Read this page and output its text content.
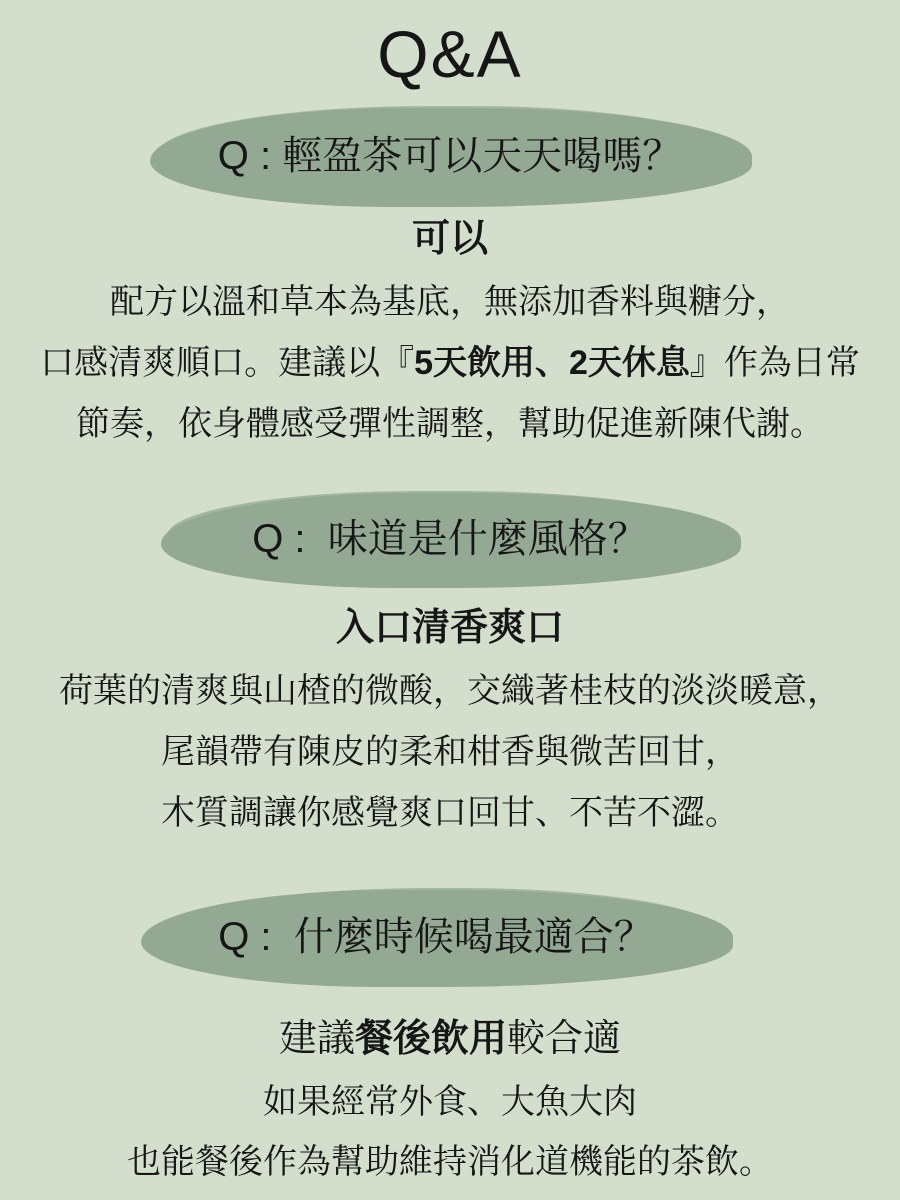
Q&A
Q : 輕盈茶可以天天喝嗎？
可以
配方以溫和草本為基底，無添加香料與糖分，
口感清爽順口。建議以『5天飲用、2天休息』作為日常
節奏，依身體感受彈性調整，幫助促進新陳代謝。
Q :  味道是什麼風格？
入口清香爽口
荷葉的清爽與山楂的微酸，交織著桂枝的淡淡暖意，
尾韻帶有陳皮的柔和柑香與微苦回甘，
木質調讓你感覺爽口回甘、不苦不澀。
Q :  什麼時候喝最適合？
建議餐後飲用較合適
如果經常外食、大魚大肉
也能餐後作為幫助維持消化道機能的茶飲。
